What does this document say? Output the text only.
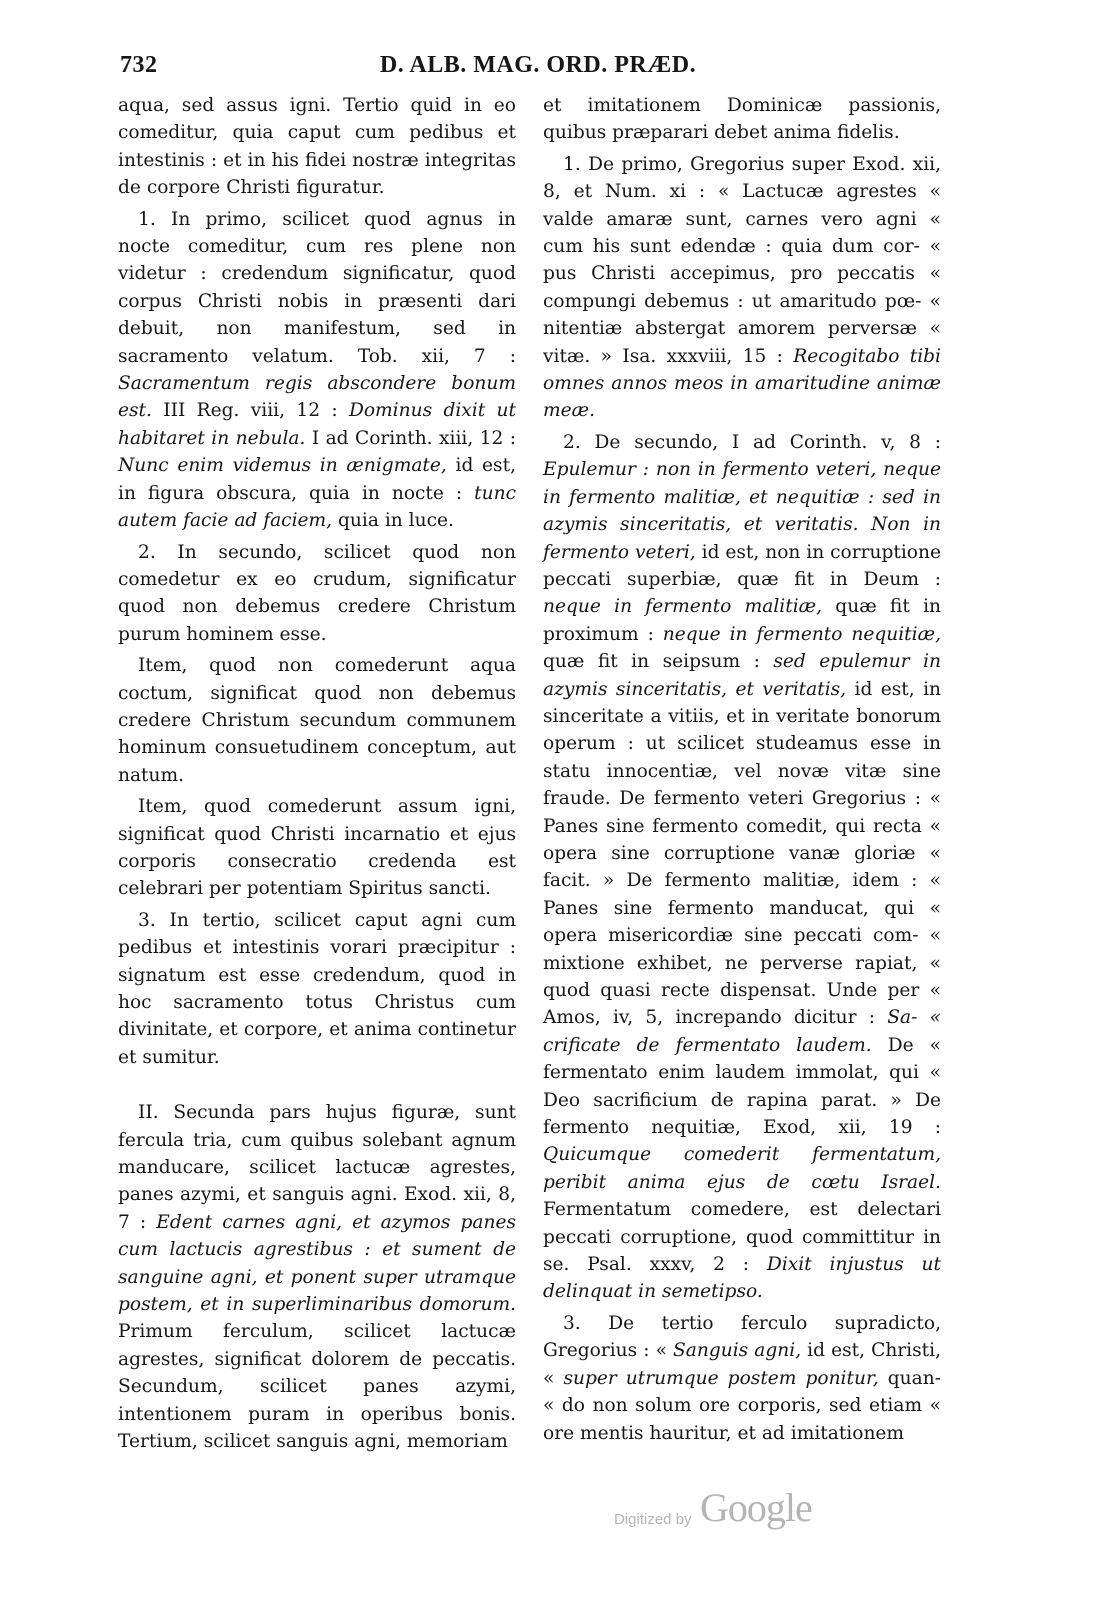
732	D. ALB. MAG. ORD. PRÆD.
aqua, sed assus igni. Tertio quid in eo comeditur, quia caput cum pedibus et intestinis : et in his fidei nostræ integritas de corpore Christi figuratur.
1. In primo, scilicet quod agnus in nocte comeditur, cum res plene non videtur : credendum significatur, quod corpus Christi nobis in præsenti dari debuit, non manifestum, sed in sacramento velatum. Tob. xii, 7 : Sacramentum regis abscondere bonum est. III Reg. viii, 12 : Dominus dixit ut habitaret in nebula. I ad Corinth. xiii, 12 : Nunc enim videmus in ænigmate, id est, in figura obscura, quia in nocte : tunc autem facie ad faciem, quia in luce.
2. In secundo, scilicet quod non comedetur ex eo crudum, significatur quod non debemus credere Christum purum hominem esse.
Item, quod non comederunt aqua coctum, significat quod non debemus credere Christum secundum communem hominum consuetudinem conceptum, aut natum.
Item, quod comederunt assum igni, significat quod Christi incarnatio et ejus corporis consecratio credenda est celebrari per potentiam Spiritus sancti.
3. In tertio, scilicet caput agni cum pedibus et intestinis vorari præcipitur : signatum est esse credendum, quod in hoc sacramento totus Christus cum divinitate, et corpore, et anima continetur et sumitur.
II. Secunda pars hujus figuræ, sunt fercula tria, cum quibus solebant agnum manducare, scilicet lactucæ agrestes, panes azymi, et sanguis agni. Exod. xii, 8, 7 : Edent carnes agni, et azymos panes cum lactucis agrestibus : et sument de sanguine agni, et ponent super utramque postem, et in superliminaribus domorum. Primum ferculum, scilicet lactucæ agrestes, significat dolorem de peccatis. Secundum, scilicet panes azymi, intentionem puram in operibus bonis. Tertium, scilicet sanguis agni, memoriam
et imitationem Dominicæ passionis, quibus præparari debet anima fidelis.
1. De primo, Gregorius super Exod. xii, 8, et Num. xi : « Lactucæ agrestes « valde amaræ sunt, carnes vero agni « cum his sunt edendæ : quia dum cor- « pus Christi accepimus, pro peccatis « compungi debemus : ut amaritudo pœ- « nitentiæ abstergat amorem perversæ « vitæ. » Isa. xxxviii, 15 : Recogitabo tibi omnes annos meos in amaritudine animæ meæ.
2. De secundo, I ad Corinth. v, 8 : Epulemur : non in fermento veteri, neque in fermento malitiæ, et nequitiæ : sed in azymis sinceritatis, et veritatis. Non in fermento veteri, id est, non in corruptione peccati superbiæ, quæ fit in Deum : neque in fermento malitiæ, quæ fit in proximum : neque in fermento nequitiæ, quæ fit in seipsum : sed epulemur in azymis sinceritatis, et veritatis, id est, in sinceritate a vitiis, et in veritate bonorum operum : ut scilicet studeamus esse in statu innocentiæ, vel novæ vitæ sine fraude. De fermento veteri Gregorius : « Panes sine fermento comedit, qui recta « opera sine corruptione vanæ gloriæ « facit. » De fermento malitiæ, idem : « Panes sine fermento manducat, qui « opera misericordiæ sine peccati com- « mixtione exhibet, ne perverse rapiat, « quod quasi recte dispensat. Unde per « Amos, iv, 5, increpando dicitur : Sa- « crificate de fermentato laudem. De « fermentato enim laudem immolat, qui « Deo sacrificium de rapina parat. » De fermento nequitiæ, Exod, xii, 19 : Quicumque comederit fermentatum, peribit anima ejus de cœtu Israel. Fermentatum comedere, est delectari peccati corruptione, quod committitur in se. Psal. xxxv, 2 : Dixit injustus ut delinquat in semetipso.
3. De tertio ferculo supradicto, Gregorius : « Sanguis agni, id est, Christi, « super utrumque postem ponitur, quan- « do non solum ore corporis, sed etiam « ore mentis hauritur, et ad imitationem
Digitized by Google
